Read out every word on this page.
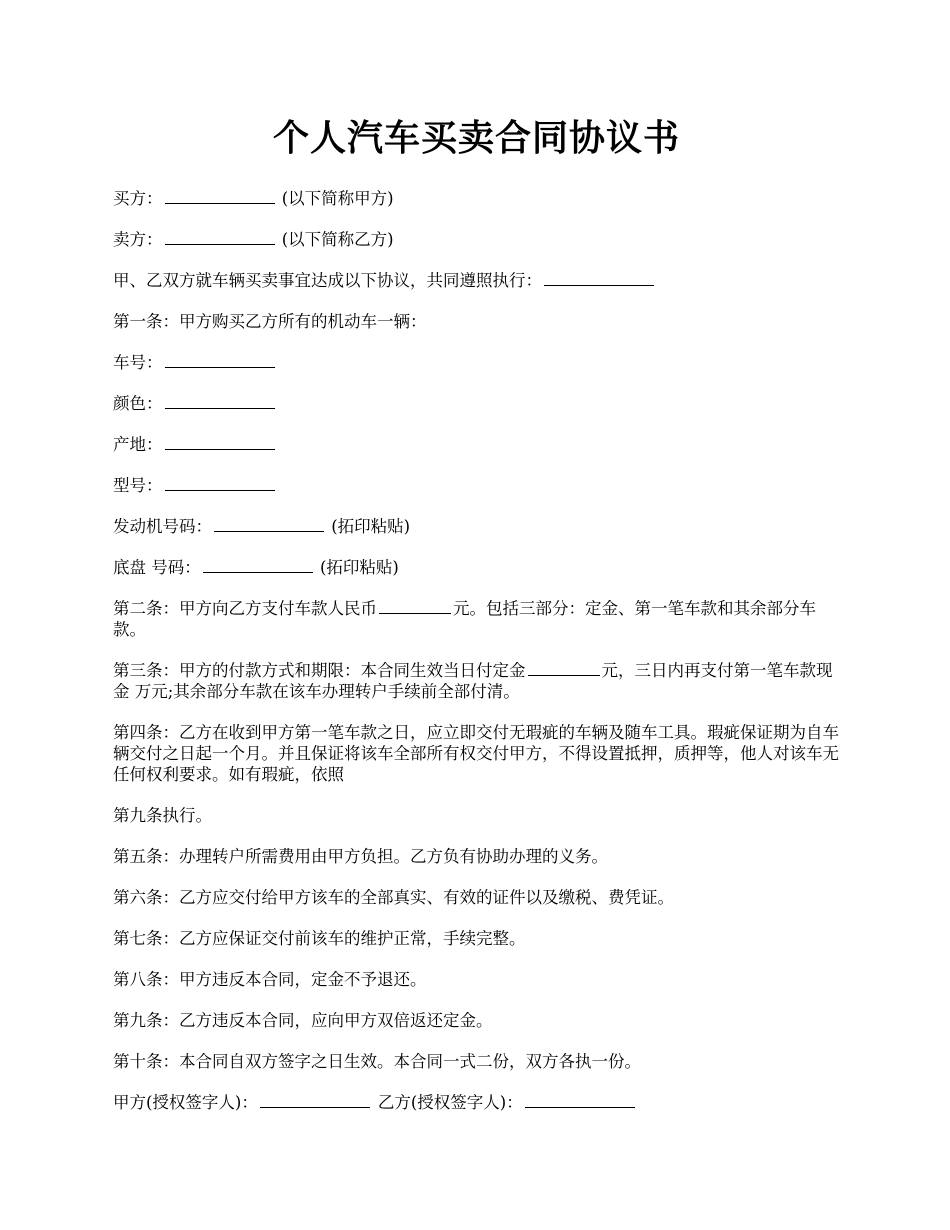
个人汽车买卖合同协议书

买方：	(以下简称甲方)

卖方：	(以下简称乙方)

甲、乙双方就车辆买卖事宜达成以下协议，共同遵照执行：

第一条：甲方购买乙方所有的机动车一辆：

车号：

颜色：

产地：

型号：

发动机号码：	(拓印粘贴)

底盘 号码：	(拓印粘贴)

第二条：甲方向乙方支付车款人民币	元。包括三部分：定金、第一笔车款和其余部分车款。

第三条：甲方的付款方式和期限：本合同生效当日付定金	元，三日内再支付第一笔车款现金 万元;其余部分车款在该车办理转户手续前全部付清。

第四条：乙方在收到甲方第一笔车款之日，应立即交付无瑕疵的车辆及随车工具。瑕疵保证期为自车辆交付之日起一个月。并且保证将该车全部所有权交付甲方，不得设置抵押，质押等，他人对该车无任何权利要求。如有瑕疵，依照

第九条执行。

第五条：办理转户所需费用由甲方负担。乙方负有协助办理的义务。

第六条：乙方应交付给甲方该车的全部真实、有效的证件以及缴税、费凭证。

第七条：乙方应保证交付前该车的维护正常，手续完整。

第八条：甲方违反本合同，定金不予退还。

第九条：乙方违反本合同，应向甲方双倍返还定金。

第十条：本合同自双方签字之日生效。本合同一式二份，双方各执一份。

甲方(授权签字人)：	乙方(授权签字人)：
